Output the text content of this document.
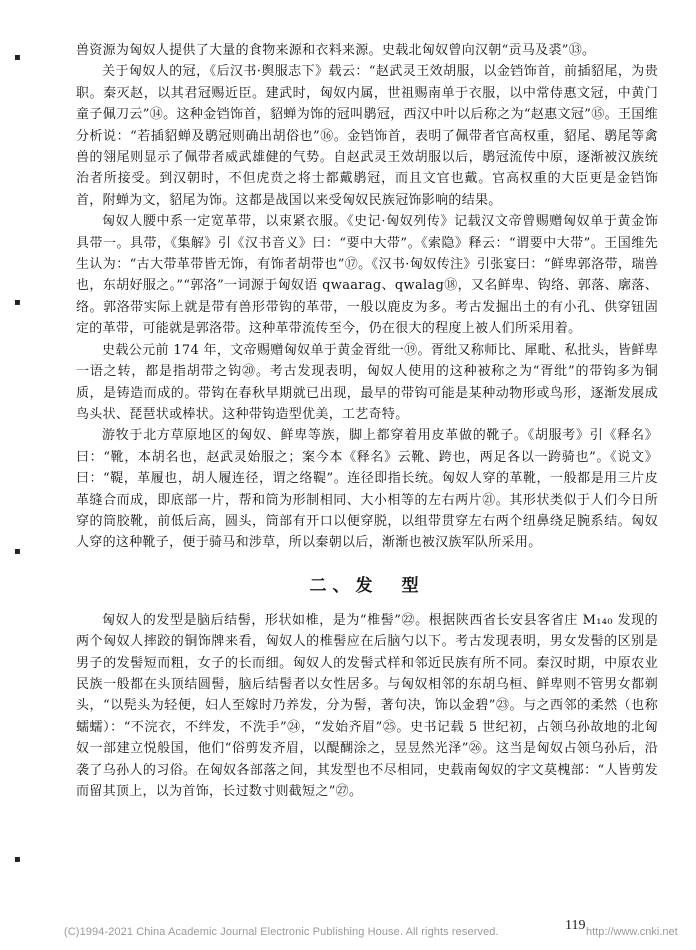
▪
▪
▪
▪

兽资源为匈奴人提供了大量的食物来源和衣料来源。史载北匈奴曾向汉朝“贡马及裘”⑬。

关于匈奴人的冠，《后汉书·舆服志下》载云：“赵武灵王效胡服，以金铛饰首，前插貂尾，为贵职。秦灭赵，以其君冠赐近臣。建武时，匈奴内属，世祖赐南单于衣服，以中常侍惠文冠，中黄门童子佩刀云”⑭。这种金铛饰首，貂蝉为饰的冠叫鹖冠，西汉中叶以后称之为“赵惠文冠”⑮。王国维分析说：“若插貂蝉及鹖冠则确出胡俗也”⑯。金铛饰首，表明了佩带者官高权重，貂尾、鹖尾等禽兽的翎尾则显示了佩带者威武雄健的气势。自赵武灵王效胡服以后，鹖冠流传中原，逐渐被汉族统治者所接受。到汉朝时，不但虎贲之将士都戴鹖冠，而且文官也戴。官高权重的大臣更是金铛饰首，附蝉为文，貂尾为饰。这都是战国以来受匈奴民族冠饰影响的结果。

匈奴人腰中系一定宽革带，以束紧衣服。《史记·匈奴列传》记载汉文帝曾赐赠匈奴单于黄金饰具带一。具带，《集解》引《汉书音义》曰：“要中大带”。《索隐》释云：“谓要中大带”。王国维先生认为：“古大带革带皆无饰，有饰者胡带也”⑰。《汉书·匈奴传注》引张宴曰：“鲜卑郭洛带，瑞兽也，东胡好服之。”“郭洛”一词源于匈奴语 qwaarag、qwalag⑱，又名鲜卑、钩络、郭落、廓落、络。郭洛带实际上就是带有兽形带钩的革带，一般以鹿皮为多。考古发掘出土的有小孔、供穿钮固定的革带，可能就是郭洛带。这种革带流传至今，仍在很大的程度上被人们所采用着。

史载公元前 174 年，文帝赐赠匈奴单于黄金胥纰一⑲。胥纰又称师比、犀毗、私批头，皆鲜卑一语之转，都是指胡带之钩⑳。考古发现表明，匈奴人使用的这种被称之为“胥纰”的带钩多为铜质，是铸造而成的。带钩在春秋早期就已出现，最早的带钩可能是某种动物形或鸟形，逐渐发展成鸟头状、琵琶状或棒状。这种带钩造型优美，工艺奇特。

游牧于北方草原地区的匈奴、鲜卑等族，脚上都穿着用皮革做的靴子。《胡服考》引《释名》曰：“靴，本胡名也，赵武灵始服之；案今本《释名》云靴、跨也，两足各以一跨骑也”。《说文》曰：“鞮，革履也，胡人履连径，谓之络鞮”。连径即指长统。匈奴人穿的革靴，一般都是用三片皮革缝合而成，即底部一片，帮和筒为形制相同、大小相等的左右两片㉑。其形状类似于人们今日所穿的筒胶靴，前低后高，圆头，筒部有开口以便穿脱，以组带贯穿左右两个纽鼻绕足腕系结。匈奴人穿的这种靴子，便于骑马和涉草，所以秦朝以后，渐渐也被汉族军队所采用。

二、发　型

匈奴人的发型是脑后结髻，形状如椎，是为“椎髻”㉒。根据陕西省长安县客省庄 M₁₄₀ 发现的两个匈奴人摔跤的铜饰牌来看，匈奴人的椎髻应在后脑勺以下。考古发现表明，男女发髻的区别是男子的发髻短而粗，女子的长而细。匈奴人的发髻式样和邻近民族有所不同。秦汉时期，中原农业民族一般都在头顶结圆髻，脑后结髻者以女性居多。与匈奴相邻的东胡乌桓、鲜卑则不管男女都剃头，“以髡头为轻便，妇人至嫁时乃养发，分为髻，著句决，饰以金碧”㉓。与之西邻的柔然（也称蠕蠕）：“不浣衣，不绊发，不洗手”㉔，“发始齐眉”㉕。史书记载 5 世纪初，占领乌孙故地的北匈奴一部建立悦般国，他们“俗剪发齐眉，以醍醐涂之，昱昱然光泽”㉖。这当是匈奴占领乌孙后，沿袭了乌孙人的习俗。在匈奴各部落之间，其发型也不尽相同，史载南匈奴的字文莫槐部：“人皆剪发而留其顶上，以为首饰，长过数寸则截短之”㉗。

(C)1994-2021 China Academic Journal Electronic Publishing House. All rights reserved.	119 http://www.cnki.net
